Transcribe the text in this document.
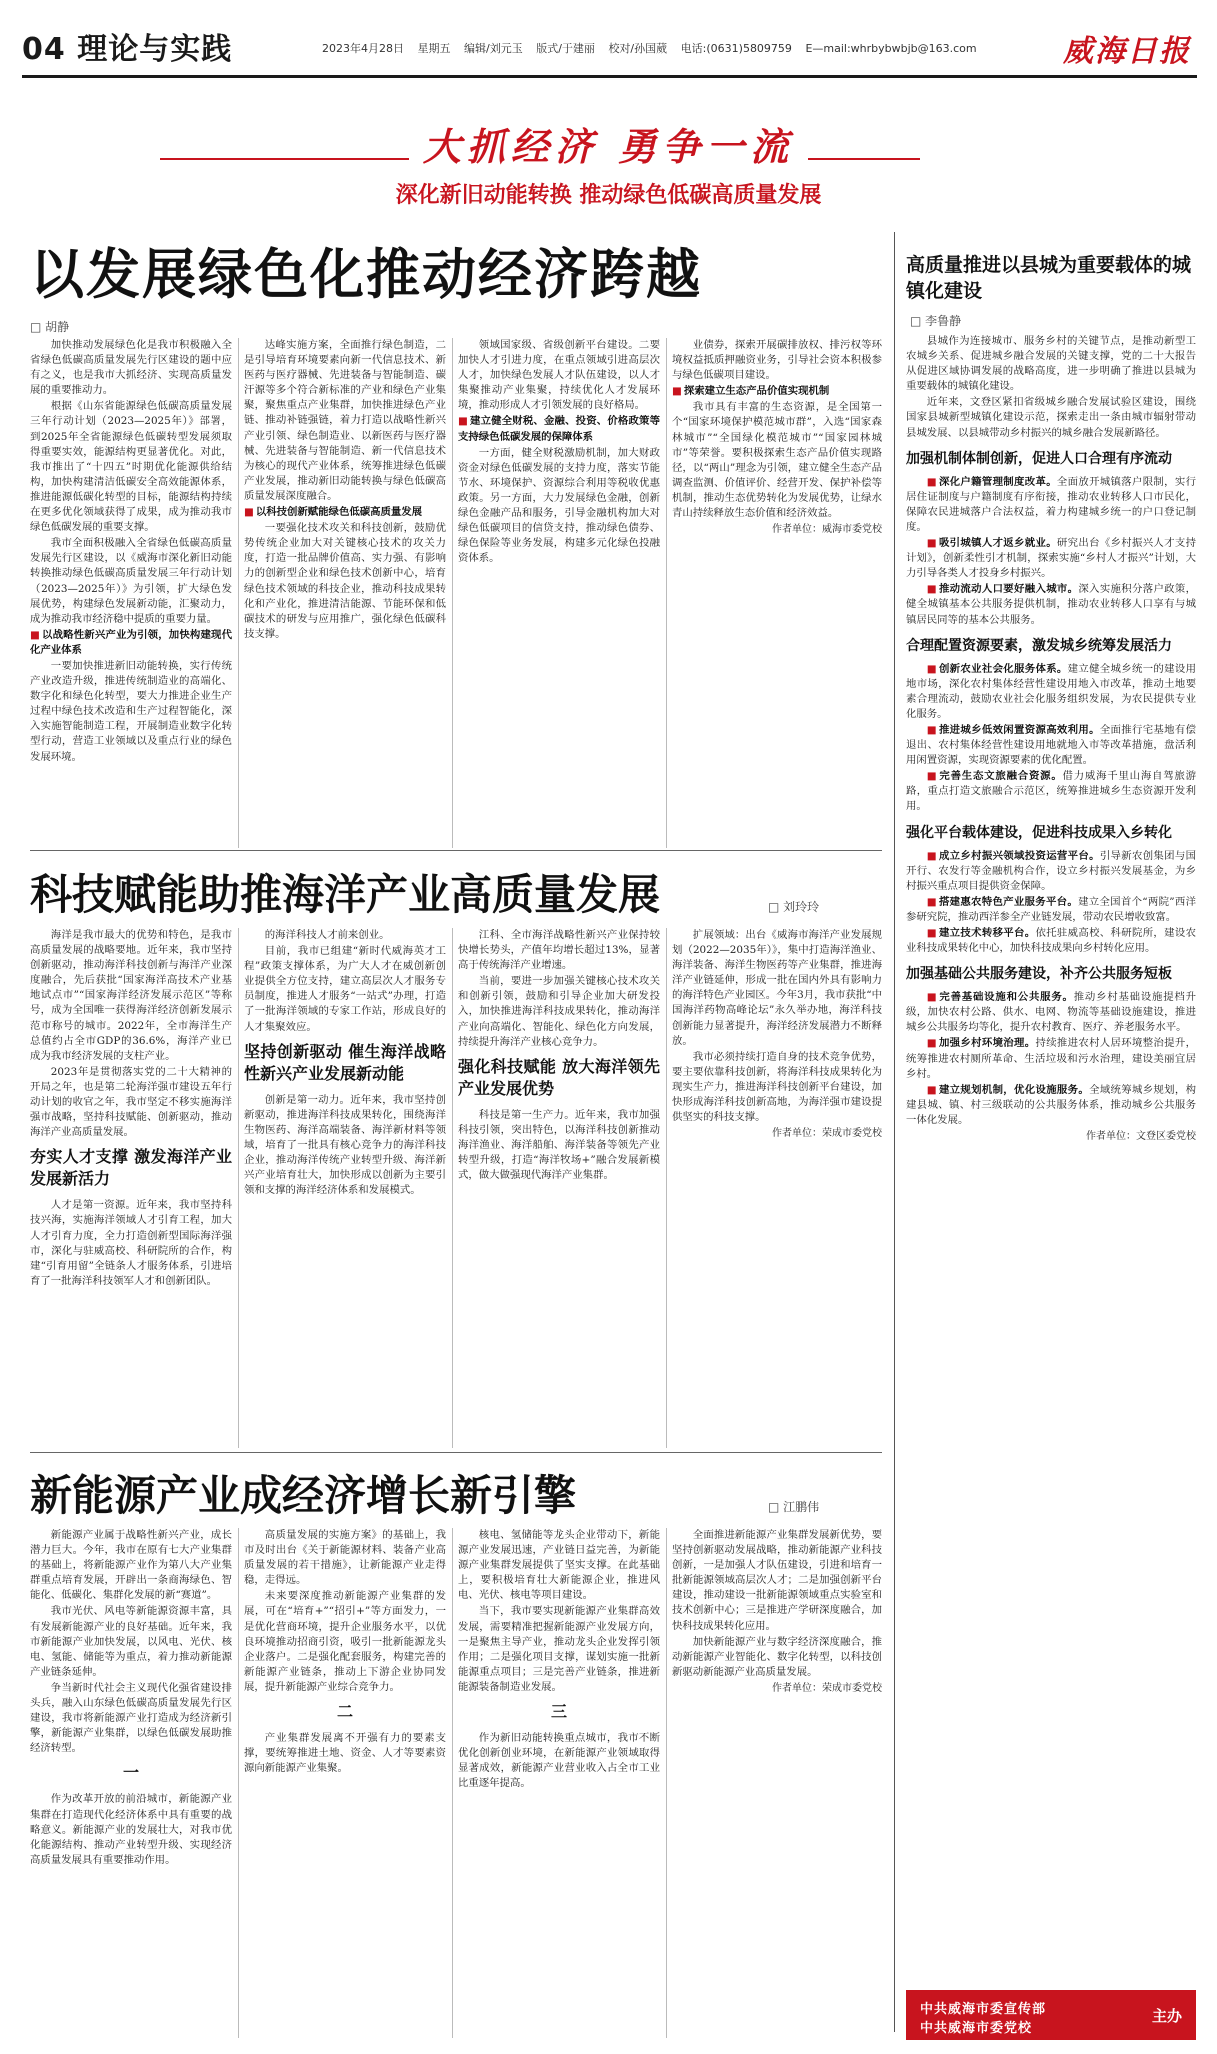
04 理论与实践	2023年4月28日 星期五 编辑/刘元玉 版式/于建丽 校对/孙国葳 电话:(0631)5809759 E—mail:whrbybwbjb@163.com	威海日报
大抓经济 勇争一流
深化新旧动能转换 推动绿色低碳高质量发展
以发展绿色化推动经济跨越
□ 胡静

加快推动发展绿色化是我市积极融入全省绿色低碳高质量发展先行区建设的题中应有之义，也是我市大抓经济、实现高质量发展的重要推动力。

根据《山东省能源绿色低碳高质量发展三年行动计划（2023—2025年）》部署，到2025年全省能源绿色低碳转型发展须取得重要实效，能源结构更显著优化。对此，我市推出了“十四五”时期优化能源供给结构，加快构建清洁低碳安全高效能源体系，推进能源低碳化转型的目标，能源结构持续在更多优化领域获得了成果，成为推动我市绿色低碳发展的重要支撑。

我市全面积极融入全省绿色低碳高质量发展先行区建设，以《威海市深化新旧动能转换推动绿色低碳高质量发展三年行动计划（2023—2025年）》为引领，扩大绿色发展优势，构建绿色发展新动能，汇聚动力，成为推动我市经济稳中提质的重要力量。

■ 以战略性新兴产业为引领，加快构建现代化产业体系

一要加快推进新旧动能转换，实行传统产业改造升级，推进传统制造业的高端化、数字化和绿色化转型，要大力推进企业生产过程中绿色技术改造和生产过程智能化，深入实施智能制造工程，开展制造业数字化转型行动，营造工业领域以及重点行业的绿色发展环境。

达峰实施方案，全面推行绿色制造，二是引导培育环境要素向新一代信息技术、新医药与医疗器械、先进装备与智能制造、碳汗源等多个符合新标准的产业和绿色产业集聚，聚焦重点产业集群，加快推进绿色产业链、推动补链强链，着力打造以战略性新兴产业引领、绿色制造业、以新医药与医疗器械、先进装备与智能制造、新一代信息技术为核心的现代产业体系，统筹推进绿色低碳产业发展，推动新旧动能转换与绿色低碳高质量发展深度融合。

■ 以科技创新赋能绿色低碳高质量发展

一要强化技术攻关和科技创新，鼓励优势传统企业加大对关键核心技术的攻关力度，打造一批品牌价值高、实力强、有影响力的创新型企业和绿色技术创新中心，培育绿色技术领域的科技企业，推动科技成果转化和产业化，推进清洁能源、节能环保和低碳技术的研发与应用推广，强化绿色低碳科技支撑。

领域国家级、省级创新平台建设。二要加快人才引进力度，在重点领域引进高层次人才，加快绿色发展人才队伍建设，以人才集聚推动产业集聚，持续优化人才发展环境，推动形成人才引领发展的良好格局。

■ 建立健全财税、金融、投资、价格政策等支持绿色低碳发展的保障体系

一方面，健全财税激励机制，加大财政资金对绿色低碳发展的支持力度，落实节能节水、环境保护、资源综合利用等税收优惠政策。另一方面，大力发展绿色金融，创新绿色金融产品和服务，引导金融机构加大对绿色低碳项目的信贷支持，推动绿色债券、绿色保险等业务发展，构建多元化绿色投融资体系。

业债券，探索开展碳排放权、排污权等环境权益抵质押融资业务，引导社会资本积极参与绿色低碳项目建设。

■ 探索建立生态产品价值实现机制

我市具有丰富的生态资源，是全国第一个“国家环境保护模范城市群”，入选“国家森林城市”“全国绿化模范城市”“国家园林城市”等荣誉。要积极探索生态产品价值实现路径，以“两山”理念为引领，建立健全生态产品调查监测、价值评价、经营开发、保护补偿等机制，推动生态优势转化为发展优势，让绿水青山持续释放生态价值和经济效益。

作者单位：威海市委党校

科技赋能助推海洋产业高质量发展	□ 刘玲玲

海洋是我市最大的优势和特色，是我市高质量发展的战略要地。近年来，我市坚持创新驱动，推动海洋科技创新与海洋产业深度融合，先后获批“国家海洋高技术产业基地试点市”“国家海洋经济发展示范区”等称号，成为全国唯一获得海洋经济创新发展示范市称号的城市。2022年，全市海洋生产总值约占全市GDP的36.6%，海洋产业已成为我市经济发展的支柱产业。

2023年是贯彻落实党的二十大精神的开局之年，也是第二轮海洋强市建设五年行动计划的收官之年，我市坚定不移实施海洋强市战略，坚持科技赋能、创新驱动，推动海洋产业高质量发展。

夯实人才支撑 激发海洋产业发展新活力

人才是第一资源。近年来，我市坚持科技兴海，实施海洋领域人才引育工程，加大人才引育力度，全力打造创新型国际海洋强市，深化与驻威高校、科研院所的合作，构建“引育用留”全链条人才服务体系，引进培育了一批海洋科技领军人才和创新团队。

的海洋科技人才前来创业。

目前，我市已组建“新时代威海英才工程”政策支撑体系，为广大人才在威创新创业提供全方位支持，建立高层次人才服务专员制度，推进人才服务“一站式”办理，打造了一批海洋领域的专家工作站，形成良好的人才集聚效应。

坚持创新驱动 催生海洋战略性新兴产业发展新动能

创新是第一动力。近年来，我市坚持创新驱动，推进海洋科技成果转化，围绕海洋生物医药、海洋高端装备、海洋新材料等领域，培育了一批具有核心竞争力的海洋科技企业，推动海洋传统产业转型升级、海洋新兴产业培育壮大，加快形成以创新为主要引领和支撑的海洋经济体系和发展模式。

江科、全市海洋战略性新兴产业保持较快增长势头，产值年均增长超过13%，显著高于传统海洋产业增速。

当前，要进一步加强关键核心技术攻关和创新引领，鼓励和引导企业加大研发投入，加快推进海洋科技成果转化，推动海洋产业向高端化、智能化、绿色化方向发展，持续提升海洋产业核心竞争力。

强化科技赋能 放大海洋领先产业发展优势

科技是第一生产力。近年来，我市加强科技引领，突出特色，以海洋科技创新推动海洋渔业、海洋船舶、海洋装备等领先产业转型升级，打造“海洋牧场+”融合发展新模式，做大做强现代海洋产业集群。

扩展领域：出台《威海市海洋产业发展规划（2022—2035年）》，集中打造海洋渔业、海洋装备、海洋生物医药等产业集群，推进海洋产业链延伸，形成一批在国内外具有影响力的海洋特色产业园区。今年3月，我市获批“中国海洋药物高峰论坛”永久举办地，海洋科技创新能力显著提升，海洋经济发展潜力不断释放。

我市必须持续打造自身的技术竞争优势，要主要依靠科技创新，将海洋科技成果转化为现实生产力，推进海洋科技创新平台建设，加快形成海洋科技创新高地，为海洋强市建设提供坚实的科技支撑。

作者单位：荣成市委党校

新能源产业成经济增长新引擎	□ 江鹏伟

新能源产业属于战略性新兴产业，成长潜力巨大。今年，我市在原有七大产业集群的基础上，将新能源产业作为第八大产业集群重点培育发展，开辟出一条商海绿色、智能化、低碳化、集群化发展的新“赛道”。

我市光伏、风电等新能源资源丰富，具有发展新能源产业的良好基础。近年来，我市新能源产业加快发展，以风电、光伏、核电、氢能、储能等为重点，着力推动新能源产业链条延伸。

争当新时代社会主义现代化强省建设排头兵，融入山东绿色低碳高质量发展先行区建设，我市将新能源产业打造成为经济新引擎，新能源产业集群，以绿色低碳发展助推经济转型。

一

作为改革开放的前沿城市，新能源产业集群在打造现代化经济体系中具有重要的战略意义。新能源产业的发展壮大，对我市优化能源结构、推动产业转型升级、实现经济高质量发展具有重要推动作用。

高质量发展的实施方案》的基础上，我市及时出台《关于新能源材料、装备产业高质量发展的若干措施》，让新能源产业走得稳，走得远。

未来要深度推动新能源产业集群的发展，可在“培育+”“招引+”等方面发力，一是优化营商环境，提升企业服务水平，以优良环境推动招商引资，吸引一批新能源龙头企业落户。二是强化配套服务，构建完善的新能源产业链条，推动上下游企业协同发展，提升新能源产业综合竞争力。

二

产业集群发展离不开强有力的要素支撑，要统筹推进土地、资金、人才等要素资源向新能源产业集聚。

核电、氢储能等龙头企业带动下，新能源产业发展迅速，产业链日益完善，为新能源产业集群发展提供了坚实支撑。在此基础上，要积极培育壮大新能源企业，推进风电、光伏、核电等项目建设。

当下，我市要实现新能源产业集群高效发展，需要精准把握新能源产业发展方向，一是聚焦主导产业，推动龙头企业发挥引领作用；二是强化项目支撑，谋划实施一批新能源重点项目；三是完善产业链条，推进新能源装备制造业发展。

三

作为新旧动能转换重点城市，我市不断优化创新创业环境，在新能源产业领域取得显著成效，新能源产业营业收入占全市工业比重逐年提高。

全面推进新能源产业集群发展新优势，要坚持创新驱动发展战略，推动新能源产业科技创新，一是加强人才队伍建设，引进和培育一批新能源领域高层次人才；二是加强创新平台建设，推动建设一批新能源领域重点实验室和技术创新中心；三是推进产学研深度融合，加快科技成果转化应用。

加快新能源产业与数字经济深度融合，推动新能源产业智能化、数字化转型，以科技创新驱动新能源产业高质量发展。

作者单位：荣成市委党校

高质量推进以县城为重要载体的城镇化建设
□ 李鲁静

县城作为连接城市、服务乡村的关键节点，是推动新型工农城乡关系、促进城乡融合发展的关键支撑，党的二十大报告从促进区域协调发展的战略高度，进一步明确了推进以县城为重要载体的城镇化建设。

近年来，文登区紧扣省级城乡融合发展试验区建设，围绕国家县城新型城镇化建设示范，探索走出一条由城市辐射带动县城发展、以县城带动乡村振兴的城乡融合发展新路径。

加强机制体制创新，促进人口合理有序流动

■ 深化户籍管理制度改革。全面放开城镇落户限制，实行居住证制度与户籍制度有序衔接，推动农业转移人口市民化，保障农民进城落户合法权益，着力构建城乡统一的户口登记制度。

■ 吸引城镇人才返乡就业。研究出台《乡村振兴人才支持计划》，创新柔性引才机制，探索实施“乡村人才振兴”计划，大力引导各类人才投身乡村振兴。

■ 推动流动人口要好融入城市。深入实施积分落户政策，健全城镇基本公共服务提供机制，推动农业转移人口享有与城镇居民同等的基本公共服务。

合理配置资源要素，激发城乡统筹发展活力

■ 创新农业社会化服务体系。建立健全城乡统一的建设用地市场，深化农村集体经营性建设用地入市改革，推动土地要素合理流动，鼓励农业社会化服务组织发展，为农民提供专业化服务。

■ 推进城乡低效闲置资源高效利用。全面推行宅基地有偿退出、农村集体经营性建设用地就地入市等改革措施，盘活利用闲置资源，实现资源要素的优化配置。

■ 完善生态文旅融合资源。借力威海千里山海自驾旅游路，重点打造文旅融合示范区，统筹推进城乡生态资源开发利用。

强化平台载体建设，促进科技成果入乡转化

■ 成立乡村振兴领域投资运营平台。引导新农创集团与国开行、农发行等金融机构合作，设立乡村振兴发展基金，为乡村振兴重点项目提供资金保障。

■ 搭建惠农特色产业服务平台。建立全国首个“两院”西洋参研究院，推动西洋参全产业链发展，带动农民增收致富。

■ 建立技术转移平台。依托驻威高校、科研院所，建设农业科技成果转化中心，加快科技成果向乡村转化应用。

加强基础公共服务建设，补齐公共服务短板

■ 完善基础设施和公共服务。推动乡村基础设施提档升级，加快农村公路、供水、电网、物流等基础设施建设，推进城乡公共服务均等化，提升农村教育、医疗、养老服务水平。

■ 加强乡村环境治理。持续推进农村人居环境整治提升，统筹推进农村厕所革命、生活垃圾和污水治理，建设美丽宜居乡村。

■ 建立规划机制，优化设施服务。全域统筹城乡规划，构建县城、镇、村三级联动的公共服务体系，推动城乡公共服务一体化发展。

作者单位：文登区委党校

中共威海市委宣传部
中共威海市委党校
主办
